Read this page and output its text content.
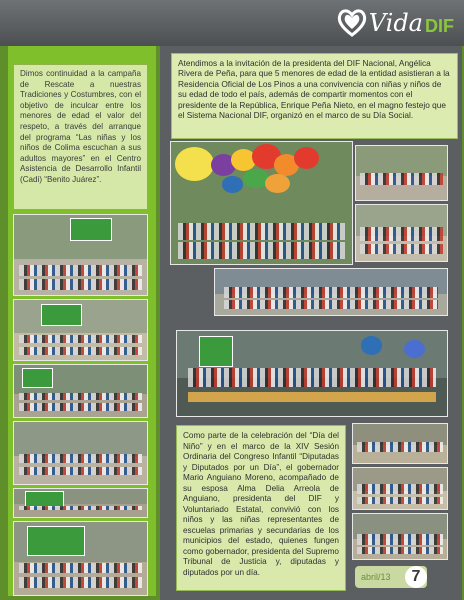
Vida DIF
Dimos continuidad a la campaña de Rescate a nuestras Tradiciones y Costumbres, con el objetivo de inculcar entre los menores de edad el valor del respeto, a través del arranque del programa “Las niñas y los niños de Colima escuchan a sus adultos mayores” en el Centro Asistencia de Desarrollo Infantil (Cadi) “Benito Juárez”.
Atendimos a la invitación de la presidenta del DIF Nacional, Angélica Rivera de Peña, para que 5 menores de edad de la entidad asistieran a la Residencia Oficial de Los Pinos a una convivencia con niñas y niños de su edad de todo el país, además de compartir momentos con el presidente de la República, Enrique Peña Nieto, en el magno festejo que el Sistema Nacional DIF, organizó en el marco de su Día Social.
Como parte de la celebración del “Día del Niño” y en el marco de la XIV Sesión Ordinaria del Congreso Infantil “Diputadas y Diputados por un Día”, el gobernador Mario Anguiano Moreno, acompañado de su esposa Alma Delia Arreola de Anguiano, presidenta del DIF y Voluntariado Estatal, convivió con los niños y las niñas representantes de escuelas primarias y secundarias de los municipios del estado, quienes fungen como gobernador, presidenta del Supremo Tribunal de Justicia y, diputadas y diputados por un día.	abril/13	7
